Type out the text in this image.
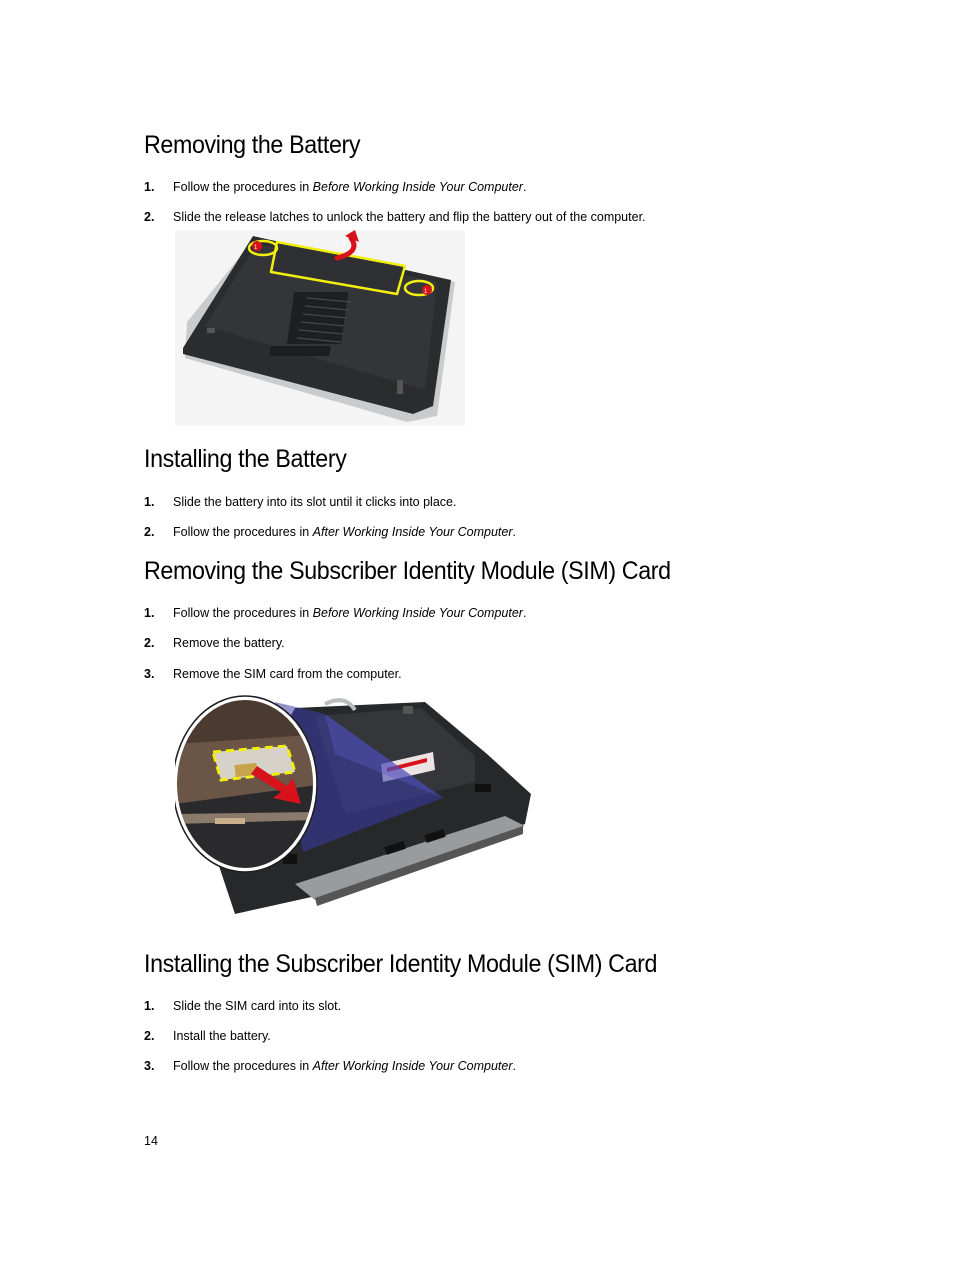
Removing the Battery
1.	Follow the procedures in Before Working Inside Your Computer.
2.	Slide the release latches to unlock the battery and flip the battery out of the computer.
1
1
2
Installing the Battery
1.	Slide the battery into its slot until it clicks into place.
2.	Follow the procedures in After Working Inside Your Computer.
Removing the Subscriber Identity Module (SIM) Card
1.	Follow the procedures in Before Working Inside Your Computer.
2.	Remove the battery.
3.	Remove the SIM card from the computer.
Installing the Subscriber Identity Module (SIM) Card
1.	Slide the SIM card into its slot.
2.	Install the battery.
3.	Follow the procedures in After Working Inside Your Computer.
14
